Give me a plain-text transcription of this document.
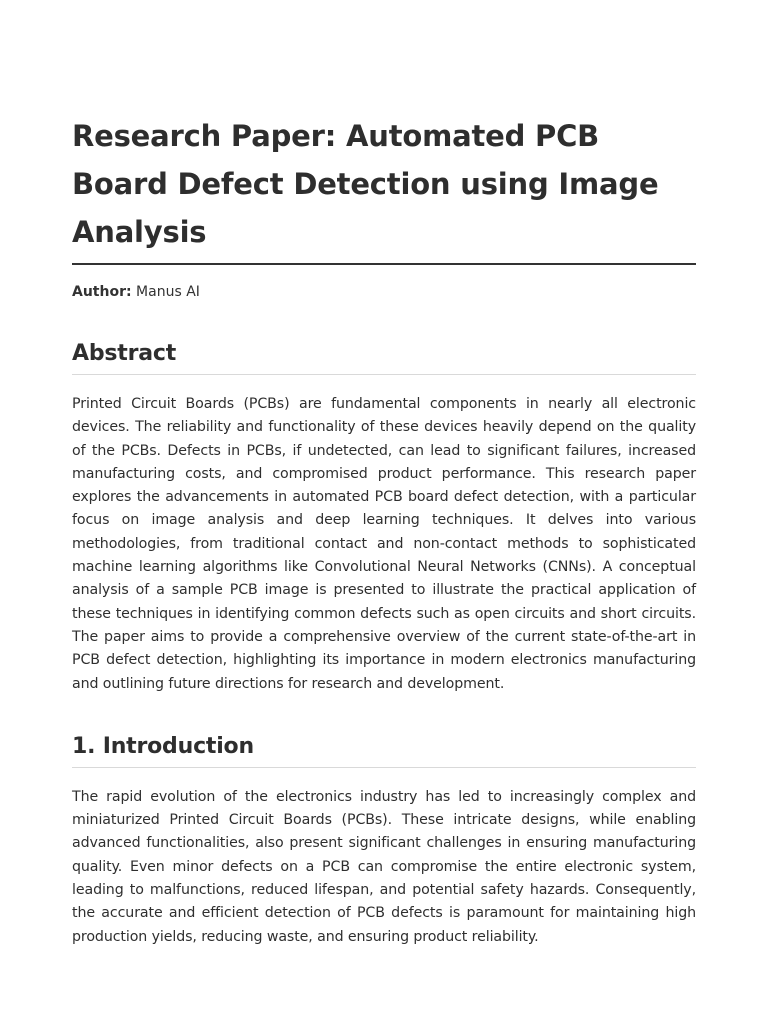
Research Paper: Automated PCB Board Defect Detection using Image Analysis
Author: Manus AI
Abstract

Printed Circuit Boards (PCBs) are fundamental components in nearly all electronic devices. The reliability and functionality of these devices heavily depend on the quality of the PCBs. Defects in PCBs, if undetected, can lead to significant failures, increased manufacturing costs, and compromised product performance. This research paper explores the advancements in automated PCB board defect detection, with a particular focus on image analysis and deep learning techniques. It delves into various methodologies, from traditional contact and non-contact methods to sophisticated machine learning algorithms like Convolutional Neural Networks (CNNs). A conceptual analysis of a sample PCB image is presented to illustrate the practical application of these techniques in identifying common defects such as open circuits and short circuits. The paper aims to provide a comprehensive overview of the current state-of-the-art in PCB defect detection, highlighting its importance in modern electronics manufacturing and outlining future directions for research and development.

1. Introduction

The rapid evolution of the electronics industry has led to increasingly complex and miniaturized Printed Circuit Boards (PCBs). These intricate designs, while enabling advanced functionalities, also present significant challenges in ensuring manufacturing quality. Even minor defects on a PCB can compromise the entire electronic system, leading to malfunctions, reduced lifespan, and potential safety hazards. Consequently, the accurate and efficient detection of PCB defects is paramount for maintaining high production yields, reducing waste, and ensuring product reliability.
